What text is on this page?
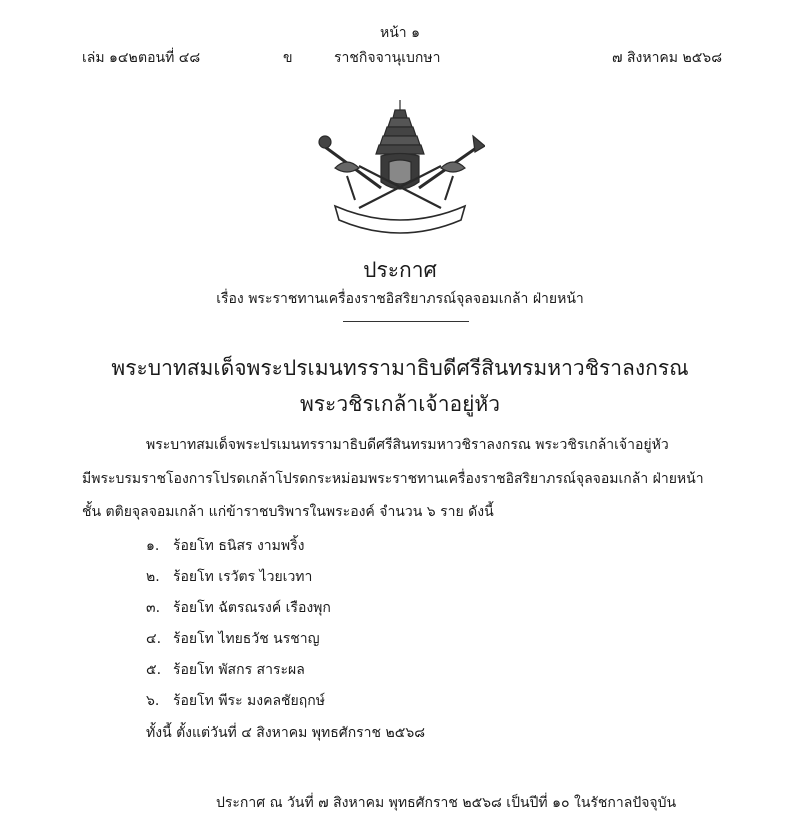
หน้า ๑
เล่ม ๑๔๒ ตอนที่ ๔๘	ข	ราชกิจจานุเบกษา	๗ สิงหาคม ๒๕๖๘
ประกาศ
เรื่อง พระราชทานเครื่องราชอิสริยาภรณ์จุลจอมเกล้า ฝ่ายหน้า
พระบาทสมเด็จพระปรเมนทรรามาธิบดีศรีสินทรมหาวชิราลงกรณ
พระวชิรเกล้าเจ้าอยู่หัว
พระบาทสมเด็จพระปรเมนทรรามาธิบดีศรีสินทรมหาวชิราลงกรณ พระวชิรเกล้าเจ้าอยู่หัว
มีพระบรมราชโองการโปรดเกล้าโปรดกระหม่อมพระราชทานเครื่องราชอิสริยาภรณ์จุลจอมเกล้า ฝ่ายหน้า
ชั้น ตติยจุลจอมเกล้า แก่ข้าราชบริพารในพระองค์ จำนวน ๖ ราย ดังนี้
๑. ร้อยโท ธนิสร งามพริ้ง
๒. ร้อยโท เรวัตร ไวยเวทา
๓. ร้อยโท ฉัตรณรงค์ เรืองพุก
๔. ร้อยโท ไทยธวัช นรชาญ
๕. ร้อยโท พัสกร สาระผล
๖. ร้อยโท พีระ มงคลชัยฤกษ์
ทั้งนี้ ตั้งแต่วันที่ ๔ สิงหาคม พุทธศักราช ๒๕๖๘
ประกาศ ณ วันที่ ๗ สิงหาคม พุทธศักราช ๒๕๖๘ เป็นปีที่ ๑๐ ในรัชกาลปัจจุบัน
